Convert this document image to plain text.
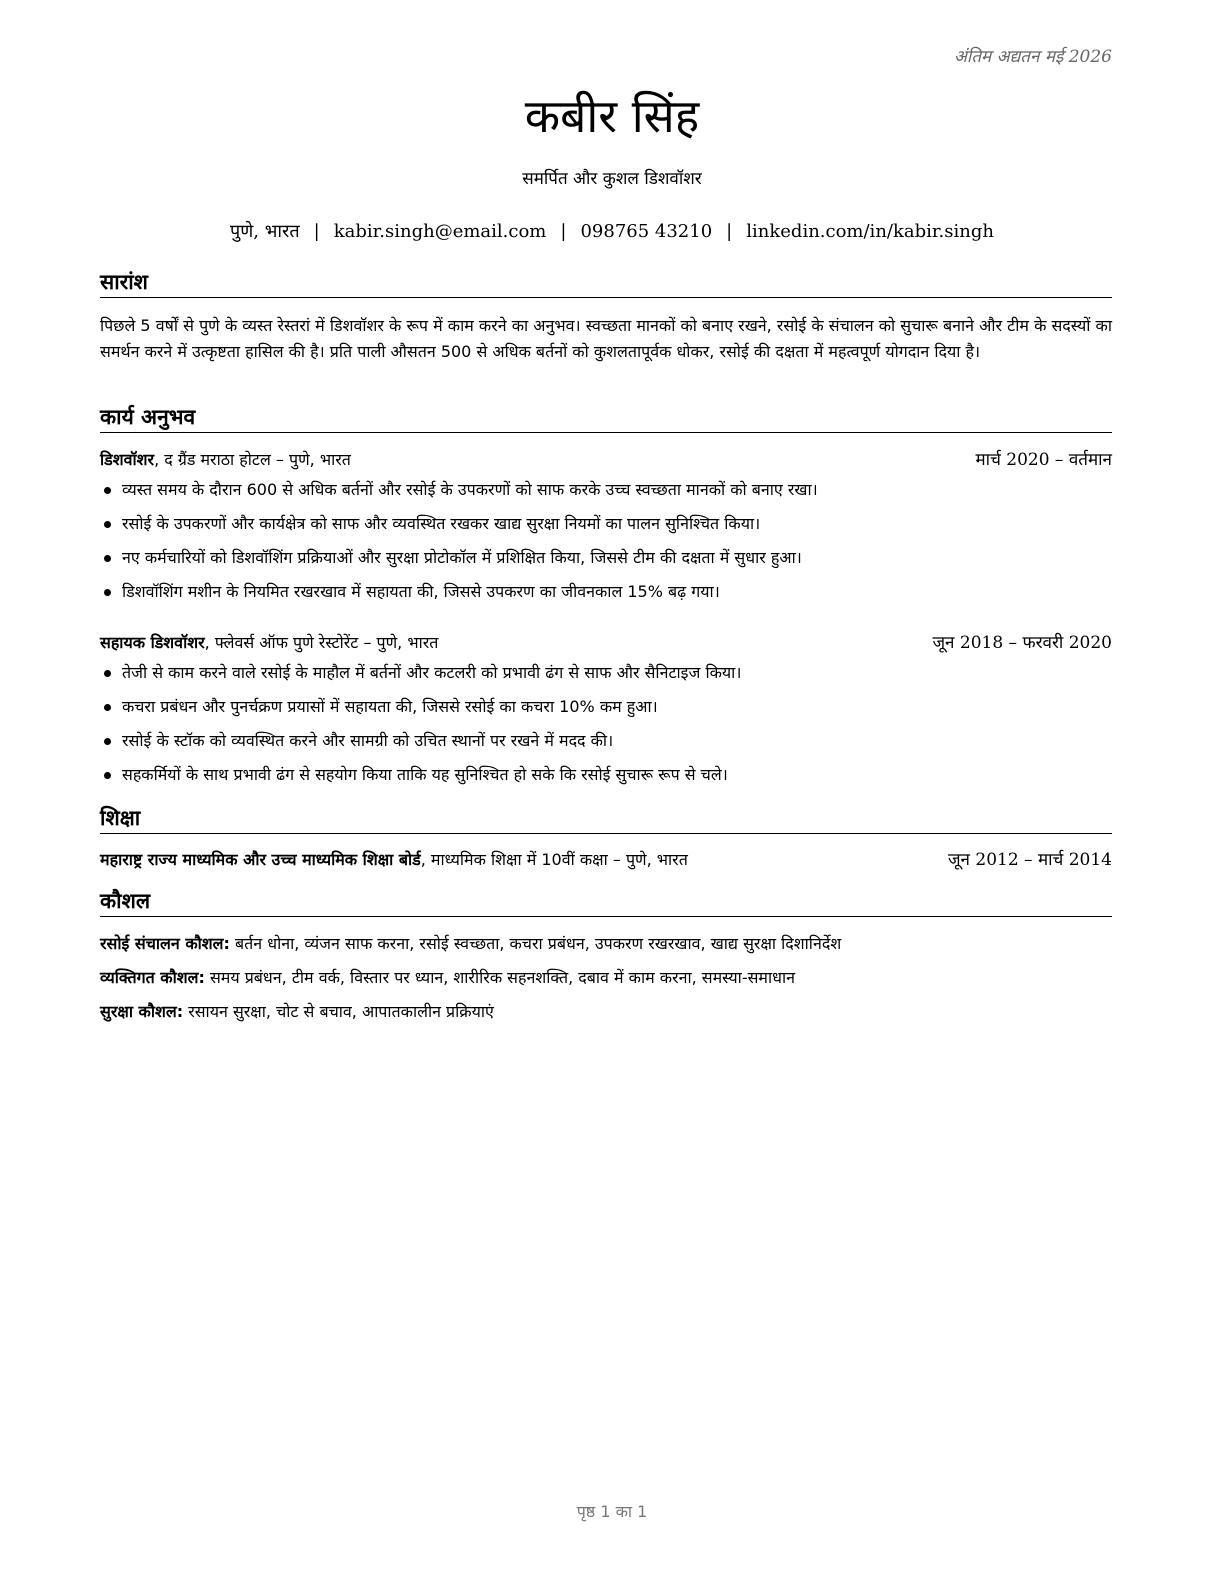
अंतिम अद्यतन मई 2026
कबीर सिंह
समर्पित और कुशल डिशवॉशर
पुणे, भारत | kabir.singh@email.com | 098765 43210 | linkedin.com/in/kabir.singh
सारांश
पिछले 5 वर्षों से पुणे के व्यस्त रेस्तरां में डिशवॉशर के रूप में काम करने का अनुभव। स्वच्छता मानकों को बनाए रखने, रसोई के संचालन को सुचारू बनाने और टीम के सदस्यों का समर्थन करने में उत्कृष्टता हासिल की है। प्रति पाली औसतन 500 से अधिक बर्तनों को कुशलतापूर्वक धोकर, रसोई की दक्षता में महत्वपूर्ण योगदान दिया है।
कार्य अनुभव
डिशवॉशर, द ग्रैंड मराठा होटल – पुणे, भारत	मार्च 2020 – वर्तमान
व्यस्त समय के दौरान 600 से अधिक बर्तनों और रसोई के उपकरणों को साफ करके उच्च स्वच्छता मानकों को बनाए रखा।
रसोई के उपकरणों और कार्यक्षेत्र को साफ और व्यवस्थित रखकर खाद्य सुरक्षा नियमों का पालन सुनिश्चित किया।
नए कर्मचारियों को डिशवॉशिंग प्रक्रियाओं और सुरक्षा प्रोटोकॉल में प्रशिक्षित किया, जिससे टीम की दक्षता में सुधार हुआ।
डिशवॉशिंग मशीन के नियमित रखरखाव में सहायता की, जिससे उपकरण का जीवनकाल 15% बढ़ गया।
सहायक डिशवॉशर, फ्लेवर्स ऑफ पुणे रेस्टोरेंट – पुणे, भारत	जून 2018 – फरवरी 2020
तेजी से काम करने वाले रसोई के माहौल में बर्तनों और कटलरी को प्रभावी ढंग से साफ और सैनिटाइज किया।
कचरा प्रबंधन और पुनर्चक्रण प्रयासों में सहायता की, जिससे रसोई का कचरा 10% कम हुआ।
रसोई के स्टॉक को व्यवस्थित करने और सामग्री को उचित स्थानों पर रखने में मदद की।
सहकर्मियों के साथ प्रभावी ढंग से सहयोग किया ताकि यह सुनिश्चित हो सके कि रसोई सुचारू रूप से चले।
शिक्षा
महाराष्ट्र राज्य माध्यमिक और उच्च माध्यमिक शिक्षा बोर्ड, माध्यमिक शिक्षा में 10वीं कक्षा – पुणे, भारत	जून 2012 – मार्च 2014
कौशल
रसोई संचालन कौशल: बर्तन धोना, व्यंजन साफ करना, रसोई स्वच्छता, कचरा प्रबंधन, उपकरण रखरखाव, खाद्य सुरक्षा दिशानिर्देश
व्यक्तिगत कौशल: समय प्रबंधन, टीम वर्क, विस्तार पर ध्यान, शारीरिक सहनशक्ति, दबाव में काम करना, समस्या-समाधान
सुरक्षा कौशल: रसायन सुरक्षा, चोट से बचाव, आपातकालीन प्रक्रियाएं
पृष्ठ 1 का 1
